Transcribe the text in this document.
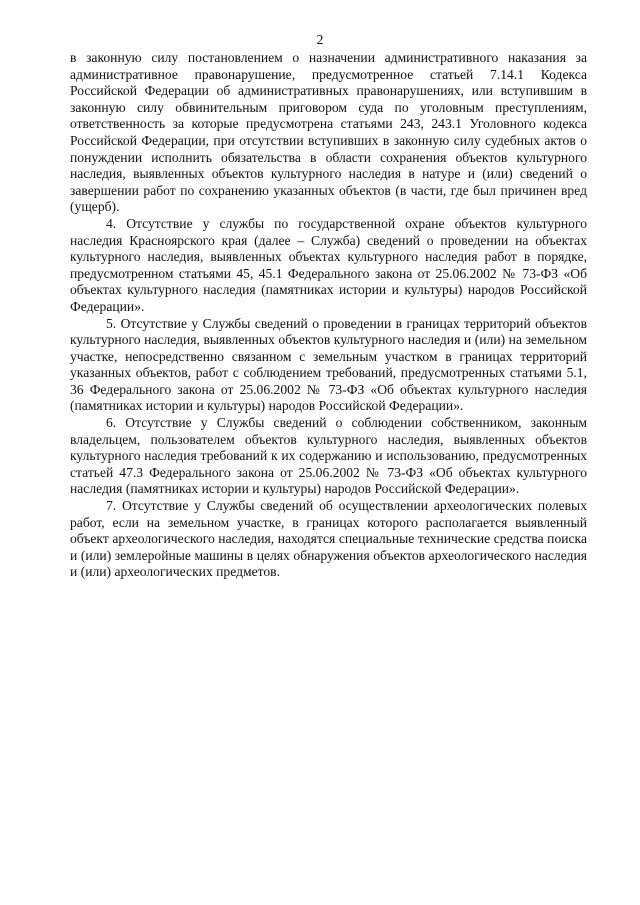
2

в законную силу постановлением о назначении административного наказания за административное правонарушение, предусмотренное статьей 7.14.1 Кодекса Российской Федерации об административных правонарушениях, или вступившим в законную силу обвинительным приговором суда по уголовным преступлениям, ответственность за которые предусмотрена статьями 243, 243.1 Уголовного кодекса Российской Федерации, при отсутствии вступивших в законную силу судебных актов о понуждении исполнить обязательства в области сохранения объектов культурного наследия, выявленных объектов культурного наследия в натуре и (или) сведений о завершении работ по сохранению указанных объектов (в части, где был причинен вред (ущерб).

4. Отсутствие у службы по государственной охране объектов культурного наследия Красноярского края (далее – Служба) сведений о проведении на объектах культурного наследия, выявленных объектах культурного наследия работ в порядке, предусмотренном статьями 45, 45.1 Федерального закона от 25.06.2002 № 73-ФЗ «Об объектах культурного наследия (памятниках истории и культуры) народов Российской Федерации».

5. Отсутствие у Службы сведений о проведении в границах территорий объектов культурного наследия, выявленных объектов культурного наследия и (или) на земельном участке, непосредственно связанном с земельным участком в границах территорий указанных объектов, работ с соблюдением требований, предусмотренных статьями 5.1, 36 Федерального закона от 25.06.2002 № 73-ФЗ «Об объектах культурного наследия (памятниках истории и культуры) народов Российской Федерации».

6. Отсутствие у Службы сведений о соблюдении собственником, законным владельцем, пользователем объектов культурного наследия, выявленных объектов культурного наследия требований к их содержанию и использованию, предусмотренных статьей 47.3 Федерального закона от 25.06.2002 № 73-ФЗ «Об объектах культурного наследия (памятниках истории и культуры) народов Российской Федерации».

7. Отсутствие у Службы сведений об осуществлении археологических полевых работ, если на земельном участке, в границах которого располагается выявленный объект археологического наследия, находятся специальные технические средства поиска и (или) землеройные машины в целях обнаружения объектов археологического наследия и (или) археологических предметов.
